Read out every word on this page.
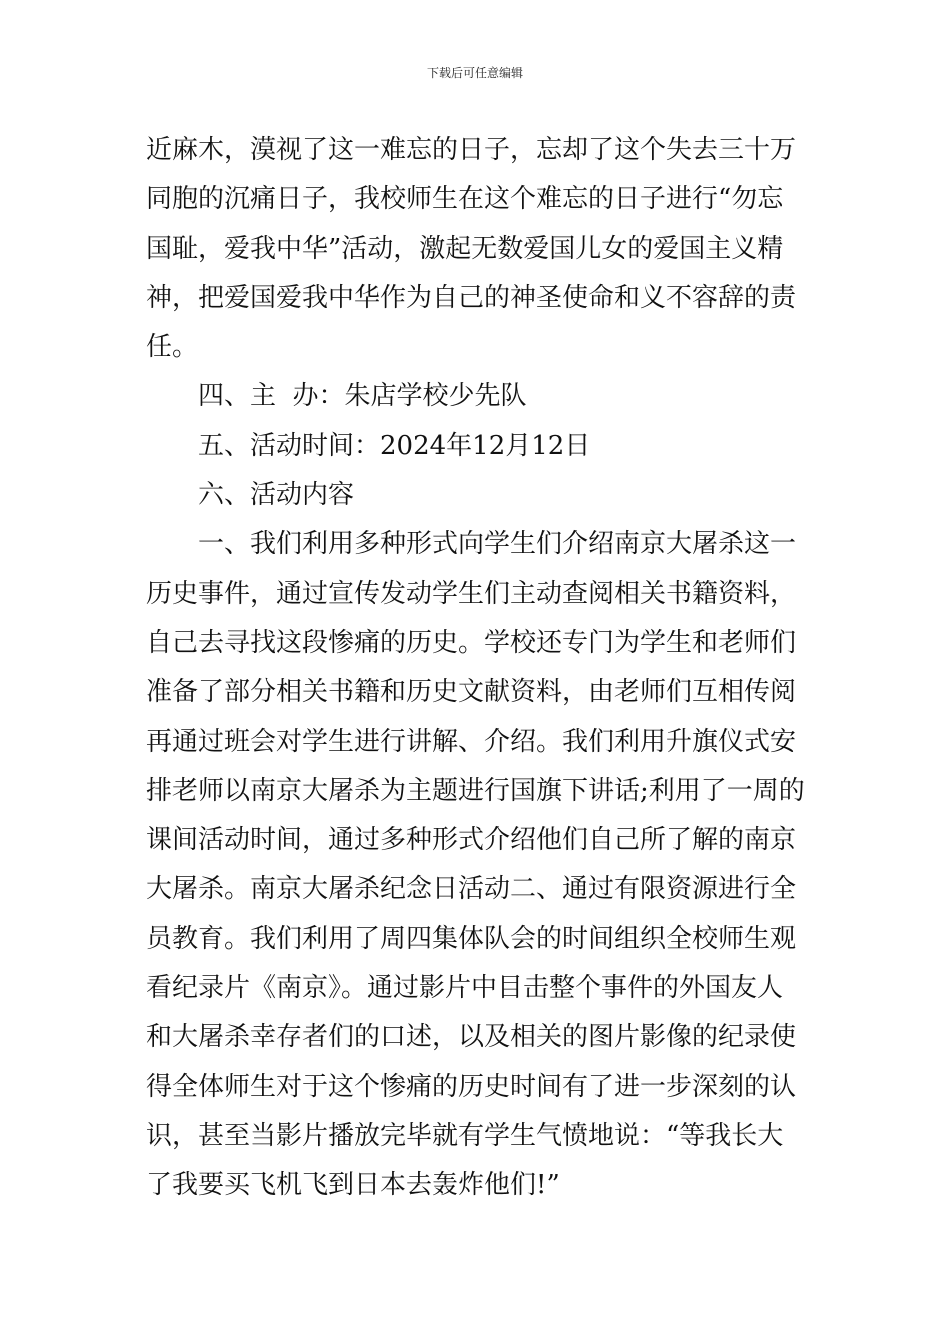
下载后可任意编辑
近麻木，漠视了这一难忘的日子，忘却了这个失去三十万
同胞的沉痛日子，我校师生在这个难忘的日子进行“勿忘
国耻，爱我中华”活动，激起无数爱国儿女的爱国主义精
神，把爱国爱我中华作为自己的神圣使命和义不容辞的责
任。
四、主  办：朱店学校少先队
五、活动时间：2024年12月12日
六、活动内容
一、我们利用多种形式向学生们介绍南京大屠杀这一
历史事件，通过宣传发动学生们主动查阅相关书籍资料，
自己去寻找这段惨痛的历史。学校还专门为学生和老师们
准备了部分相关书籍和历史文献资料，由老师们互相传阅
再通过班会对学生进行讲解、介绍。我们利用升旗仪式安
排老师以南京大屠杀为主题进行国旗下讲话;利用了一周的
课间活动时间，通过多种形式介绍他们自己所了解的南京
大屠杀。南京大屠杀纪念日活动二、通过有限资源进行全
员教育。我们利用了周四集体队会的时间组织全校师生观
看纪录片《南京》。通过影片中目击整个事件的外国友人
和大屠杀幸存者们的口述，以及相关的图片影像的纪录使
得全体师生对于这个惨痛的历史时间有了进一步深刻的认
识，甚至当影片播放完毕就有学生气愤地说：“等我长大
了我要买飞机飞到日本去轰炸他们!”
